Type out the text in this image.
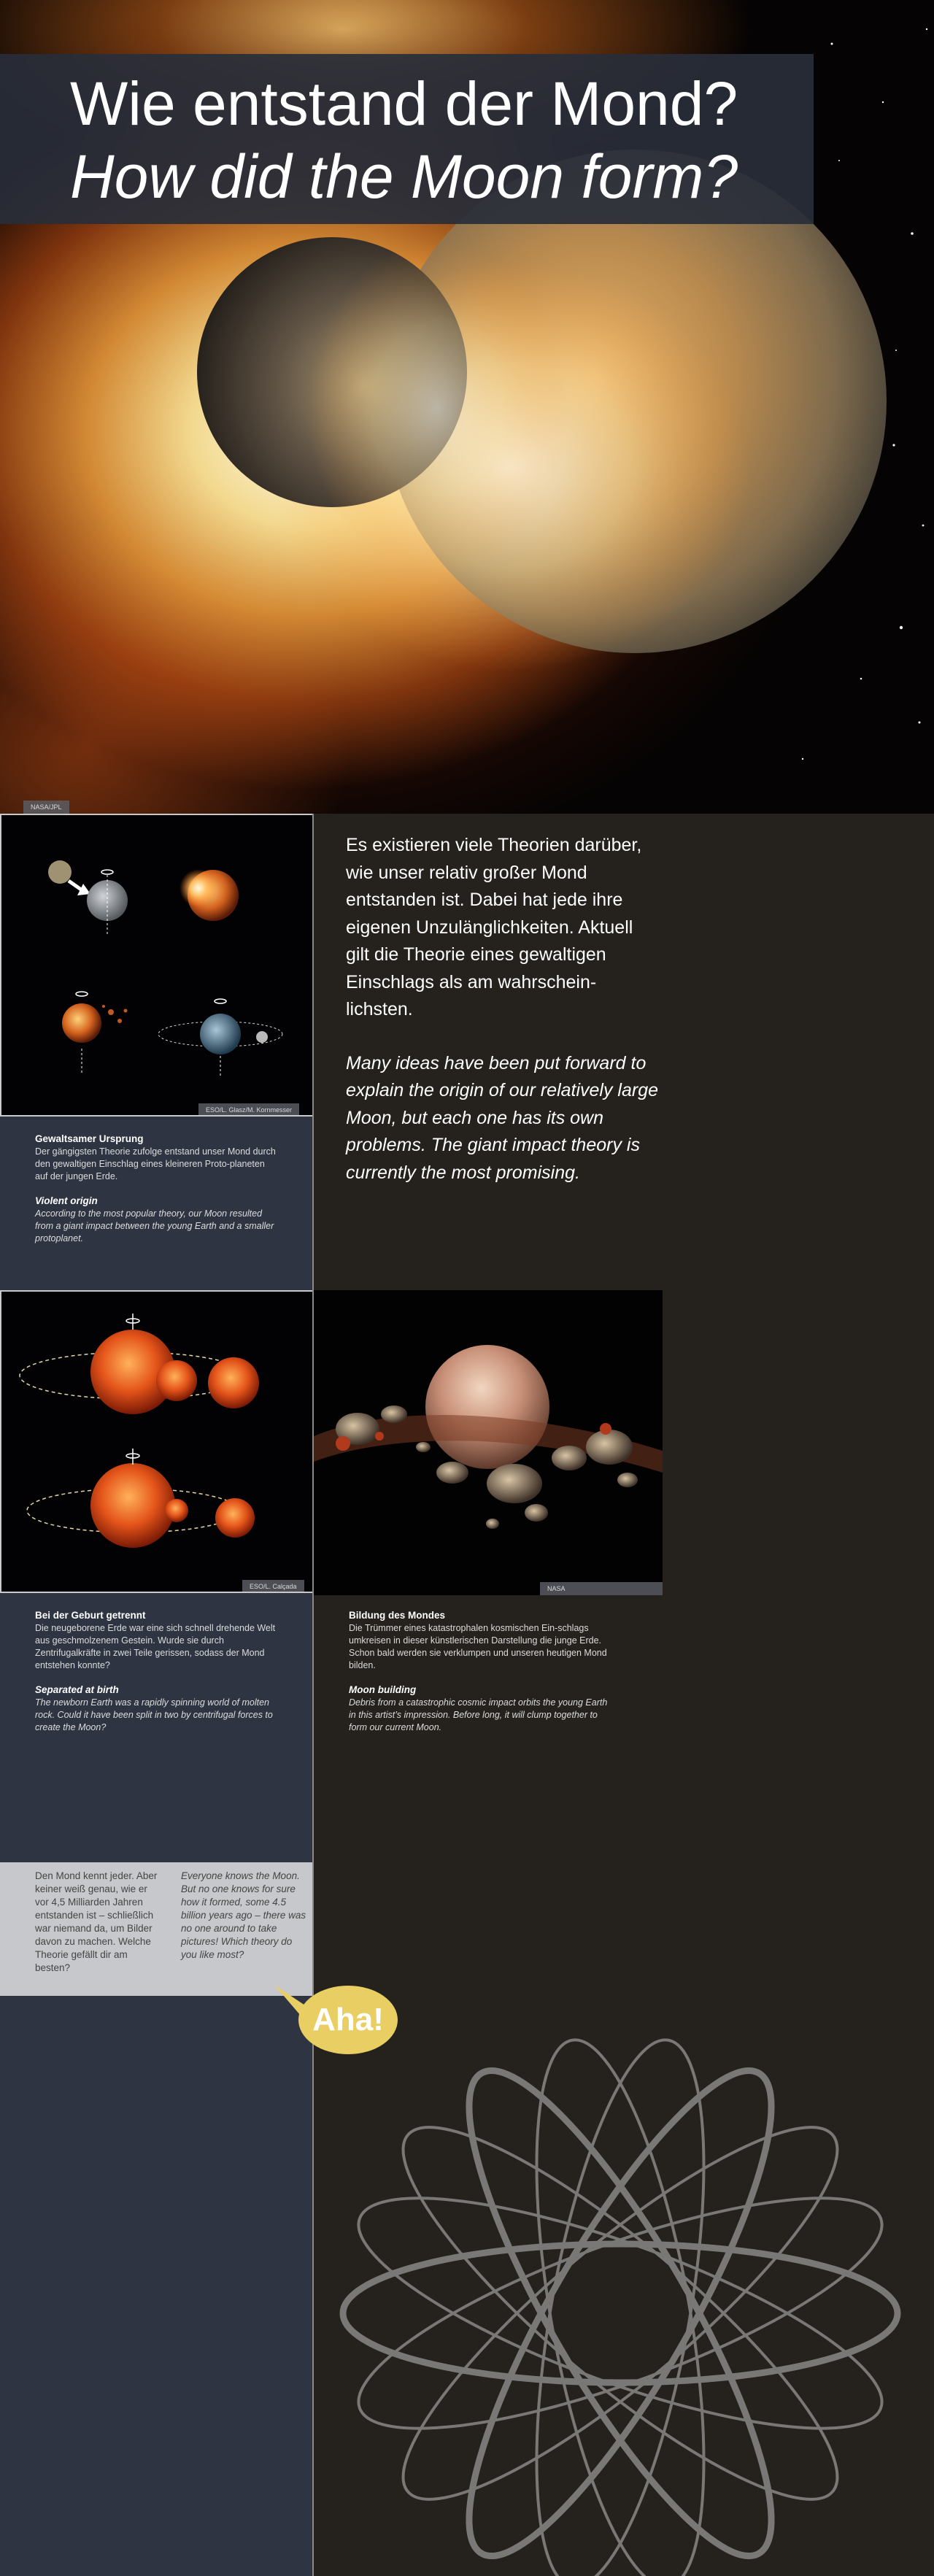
Wie entstand der Mond?
How did the Moon form?
NASA/JPL
ESO/L. Glasz/M. Kornmesser
Gewaltsamer Ursprung
Der gängigsten Theorie zufolge entstand unser Mond durch den gewaltigen Einschlag eines kleineren Proto-planeten auf der jungen Erde.
Violent origin
According to the most popular theory, our Moon resulted from a giant impact between the young Earth and a smaller protoplanet.
Es existieren viele Theorien darüber, wie unser relativ großer Mond entstanden ist. Dabei hat jede ihre eigenen Unzulänglichkeiten. Aktuell gilt die Theorie eines gewaltigen Einschlags als am wahrschein-lichsten.
Many ideas have been put forward to explain the origin of our relatively large Moon, but each one has its own problems. The giant impact theory is currently the most promising.
ESO/L. Calçada	NASA
Bei der Geburt getrennt
Die neugeborene Erde war eine sich schnell drehende Welt aus geschmolzenem Gestein. Wurde sie durch Zentrifugalkräfte in zwei Teile gerissen, sodass der Mond entstehen konnte?
Separated at birth
The newborn Earth was a rapidly spinning world of molten rock. Could it have been split in two by centrifugal forces to create the Moon?
Bildung des Mondes
Die Trümmer eines katastrophalen kosmischen Ein-schlags umkreisen in dieser künstlerischen Darstellung die junge Erde. Schon bald werden sie verklumpen und unseren heutigen Mond bilden.
Moon building
Debris from a catastrophic cosmic impact orbits the young Earth in this artist’s impression. Before long, it will clump together to form our current Moon.
Den Mond kennt jeder. Aber keiner weiß genau, wie er vor 4,5 Milliarden Jahren entstanden ist – schließlich war niemand da, um Bilder davon zu machen. Welche Theorie gefällt dir am besten?
Everyone knows the Moon. But no one knows for sure how it formed, some 4.5 billion years ago – there was no one around to take pictures! Which theory do you like most?
Aha!
